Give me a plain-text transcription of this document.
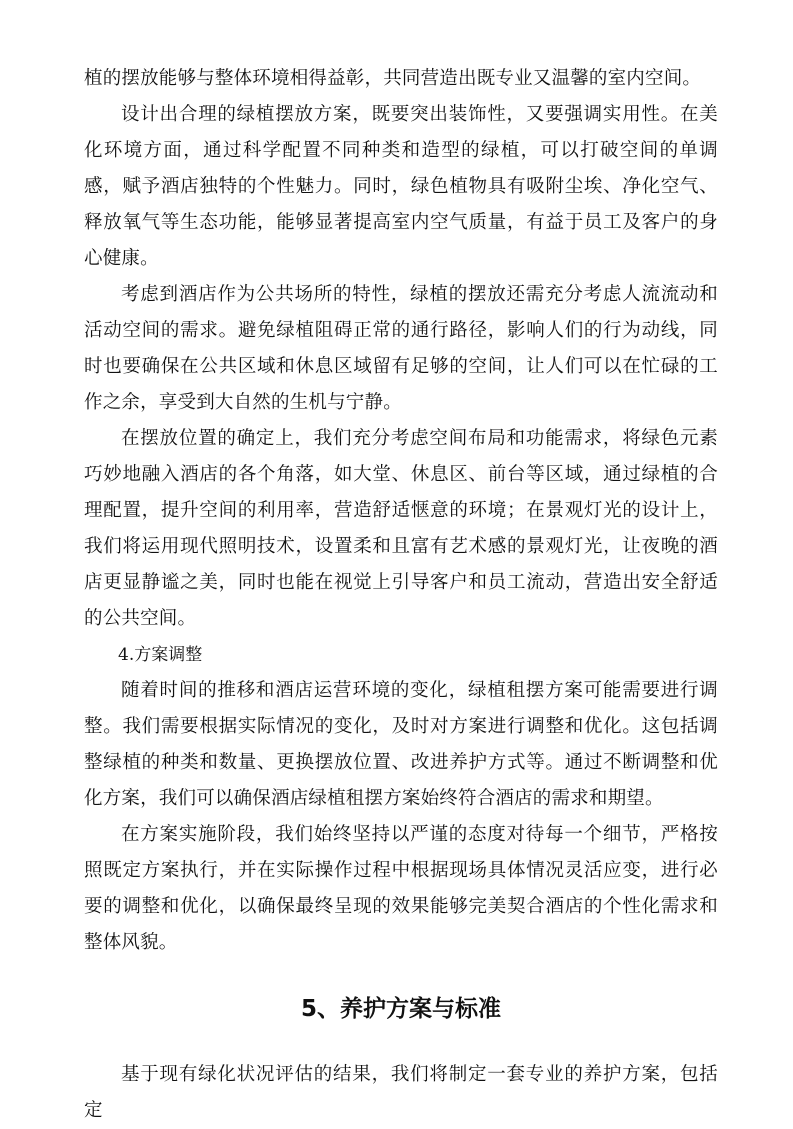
植的摆放能够与整体环境相得益彰，共同营造出既专业又温馨的室内空间。

设计出合理的绿植摆放方案，既要突出装饰性，又要强调实用性。在美化环境方面，通过科学配置不同种类和造型的绿植，可以打破空间的单调感，赋予酒店独特的个性魅力。同时，绿色植物具有吸附尘埃、净化空气、释放氧气等生态功能，能够显著提高室内空气质量，有益于员工及客户的身心健康。

考虑到酒店作为公共场所的特性，绿植的摆放还需充分考虑人流流动和活动空间的需求。避免绿植阻碍正常的通行路径，影响人们的行为动线，同时也要确保在公共区域和休息区域留有足够的空间，让人们可以在忙碌的工作之余，享受到大自然的生机与宁静。

在摆放位置的确定上，我们充分考虑空间布局和功能需求，将绿色元素巧妙地融入酒店的各个角落，如大堂、休息区、前台等区域，通过绿植的合理配置，提升空间的利用率，营造舒适惬意的环境；在景观灯光的设计上，我们将运用现代照明技术，设置柔和且富有艺术感的景观灯光，让夜晚的酒店更显静谧之美，同时也能在视觉上引导客户和员工流动，营造出安全舒适的公共空间。

4.方案调整

随着时间的推移和酒店运营环境的变化，绿植租摆方案可能需要进行调整。我们需要根据实际情况的变化，及时对方案进行调整和优化。这包括调整绿植的种类和数量、更换摆放位置、改进养护方式等。通过不断调整和优化方案，我们可以确保酒店绿植租摆方案始终符合酒店的需求和期望。

在方案实施阶段，我们始终坚持以严谨的态度对待每一个细节，严格按照既定方案执行，并在实际操作过程中根据现场具体情况灵活应变，进行必要的调整和优化，以确保最终呈现的效果能够完美契合酒店的个性化需求和整体风貌。

5、养护方案与标准

基于现有绿化状况评估的结果，我们将制定一套专业的养护方案，包括定
